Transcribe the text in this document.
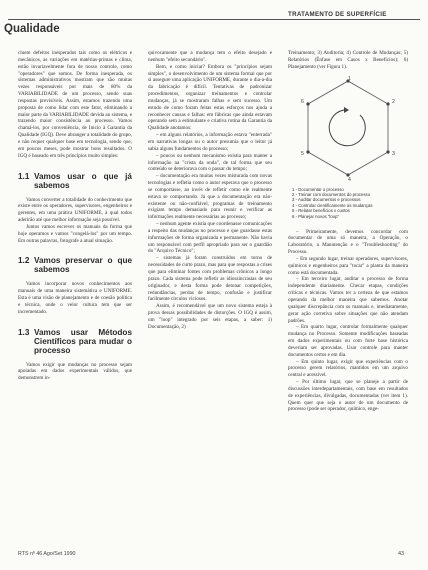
TRATAMENTO DE SUPERFÍCIE
Qualidade

cluem defeitos inesperados tais como os elétricos e mecânicos, as variações em matérias-primas e clima, estão invariavelmente fora de nosso controle, como "operadores" que somos. De forma inesperada, os sistemas administrativos mostram que são muitas vezes responsáveis por mais de 80% da VARIABILIDADE de um processo, sendo suas respostas previsíveis. Assim, estamos trazendo uma proposta de como lidar com este fator, eliminando a maior parte da VARIABILIDADE devida ao sistema, e trazendo maior consistência ao processo. Vamos chamá-los, por conveniência, de Início à Garantia da Qualidade (IGQ). Deve abranger a totalidade do grupo, e não requer qualquer base em tecnologia, sendo que, em poucos meses, pode mostrar bons resultados. O IGQ é baseado em três princípios muito simples:

1.1 Vamos usar o que já sabemos

Vamos converter a totalidade do conhecimento que existe entre os operadores, supervisores, engenheiros e gerentes, em uma prática UNIFORME, à qual todos aderirão até que melhor informação seja possível.

Juntos vamos escrever os manuais da forma que hoje operamos e vamos "congelá-los" por um tempo. Em outras palavras, fotografe a atual situação.

1.2 Vamos preservar o que sabemos

Vamos incorporar novos conhecimentos aos manuais de uma maneira sistemática e UNIFORME. Esta é uma visão de planejamento e de coesão política e técnica, onde o velor cultura tem que ser incrementado.

1.3 Vamos usar Métodos Científicos para mudar o processo

Vamos exigir que mudanças no processo sejam apoiadas em dados experimentais válidos, que demonstrem in-

quivocamente que a mudança tem o efeito desejado e nenhum "efeito secundário".

Bem, e como iniciar? Embora os "princípios sejam simples", o desenvolvimento de um sistema formal que por si assegure uma aplicação UNIFORME, durante o dia-a-dia da fabricação é difícil. Tentativas de padronizar procedimentos, organizar treinamentos e controlar mudanças, já se mostraram falhas e sem sucesso. Um estudo de como foram feitas estas esforços nos ajuda a reconhecer causas e falhas: em fábricas que ainda estavam operando sem a estimulante e criativa rotina da Garantia da Qualidade anotamos:

– em alguns relatórios, a informação estava "enterrada" em narrativas longas ou o autor presumia que o leitor já sabia alguns fundamentos do processo;

– poucos ou nenhum mecanismo existia para manter a informação na "crista da onda", de tal forma que seu conteúdo se deteriorava com o passar do tempo;

– documentação era muitas vezes misturada com novas tecnologias e refletia como o autor esperava que o processo se comportasse, ao invés de refletir como ele realmente estava se comportando. Já que a documentação era não-existente ou não-confiável, programas de treinamento exigiam tempo demasiado para reunir e verificar as informações realmente necessárias ao processo;

– nenhum agente existia que coordenasse comunicações a respeito das mudanças no processo e que guardasse estas informações de forma organizada e permanente. Não havia um responsável com perfil apropriado para ser o guardião do "Arquivo Técnico";

– sistemas já foram construídos em torno de necessidades de curto prazo, mas para que respostas a crises que para eliminar fontes com problemas crônicos a longo prazo. Cada sistema pode refletir as idiossincrasias de seu originador, e desta forma pode detonar competições, redundâncias, perdas de tempo, confusão e justificar facilmente círculos viciosos.

Assim, é recomendável que um novo sistema esteja à prova dessas possibilidades de distorções. O IGQ é assim, um "loop" integrado por seis etapas, a saber: 1) Documentação, 2)

Treinamento; 3) Auditoria; 4) Controle de Mudanças; 5) Relatórios (Ênfase em Casos x Benefícios); 6) Planejamento (ver Figura 1).

1
2
3
4
5
6
1 - Documentar o processo
2 - Treinar com documentos do processo
3 - Auditar documentos e processos
4 - Controlar cientificamente as mudanças
5 - Relatar benefícios x custos
6 - Planejar novos "loop"

– Primeiramente, devemos concordar com documentar de uma só maneira, a Operação, o Laboratório, a Manutenção e o "Troubleshooting" do Processo.

– Em segundo lugar, treinar operadores, supervisores, químicos e engenheiros para "tocar" a planta da maneira como está documentada.

– Em terceiro lugar, auditar o processo de forma independente diariamente. Checar etapas, condições críticas e técnicas. Vamos ter a certeza de que estamos operando da melhor maneira que sabemos. Anotar qualquer discrepância com os manuais e, imediatamente, gerar ação corretiva sobre situações que não atendam padrões.

– Em quarto lugar, controlar formalmente qualquer mudança no Processo. Somente modificações baseadas em dados experimentais ou com forte base histórica deveriam ser aprovadas. Usar controle para manter documentos certos e em dia.

– Em quinto lugar, exigir que experiências com o processo gerem relatórios, mantidos em um arquivo central e acessível.

– Por último lugar, que se planeje a partir de discussões interdepartamentais, com base em resultados de experiências, divulgadas, documentadas (ver item 1). Quem quer que seja o autor de um documento de processo (pode ser operador, químico, enge-

RTS nº 46 Ago/Set 1990	43
